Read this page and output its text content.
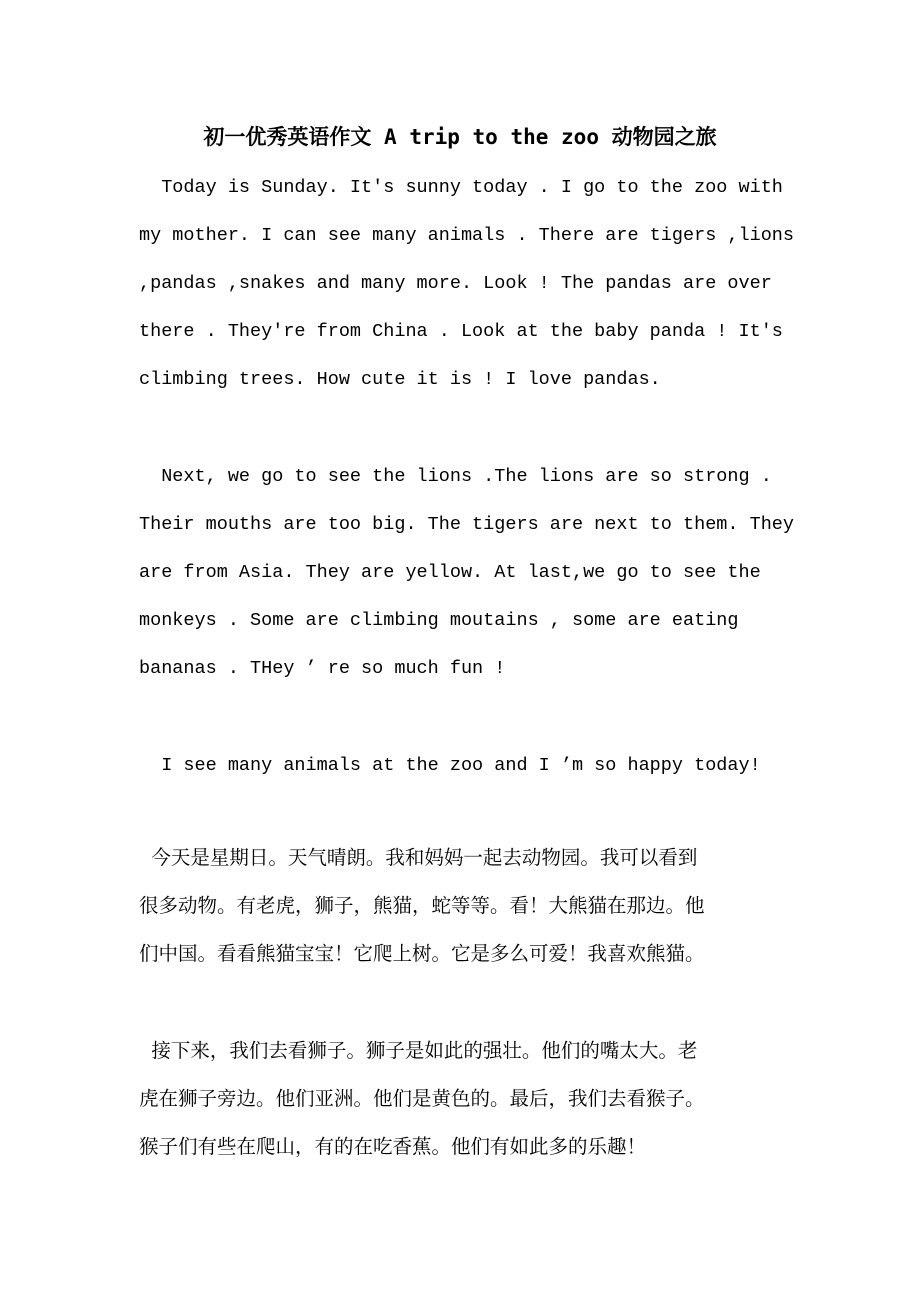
初一优秀英语作文 A trip to the zoo 动物园之旅
Today is Sunday. It's sunny today . I go to the zoo with
my mother. I can see many animals . There are tigers ,lions
,pandas ,snakes and many more. Look ! The pandas are over
there . They're from China . Look at the baby panda ! It's
climbing trees. How cute it is ! I love pandas.
Next, we go to see the lions .The lions are so strong .
Their mouths are too big. The tigers are next to them. They
are from Asia. They are yellow. At last,we go to see the
monkeys . Some are climbing moutains , some are eating
bananas . THey ’ re so much fun !
I see many animals at the zoo and I ’m so happy today!
今天是星期日。天气晴朗。我和妈妈一起去动物园。我可以看到
很多动物。有老虎，狮子，熊猫，蛇等等。看！大熊猫在那边。他
们中国。看看熊猫宝宝！它爬上树。它是多么可爱！我喜欢熊猫。
接下来，我们去看狮子。狮子是如此的强壮。他们的嘴太大。老
虎在狮子旁边。他们亚洲。他们是黄色的。最后，我们去看猴子。
猴子们有些在爬山，有的在吃香蕉。他们有如此多的乐趣！
